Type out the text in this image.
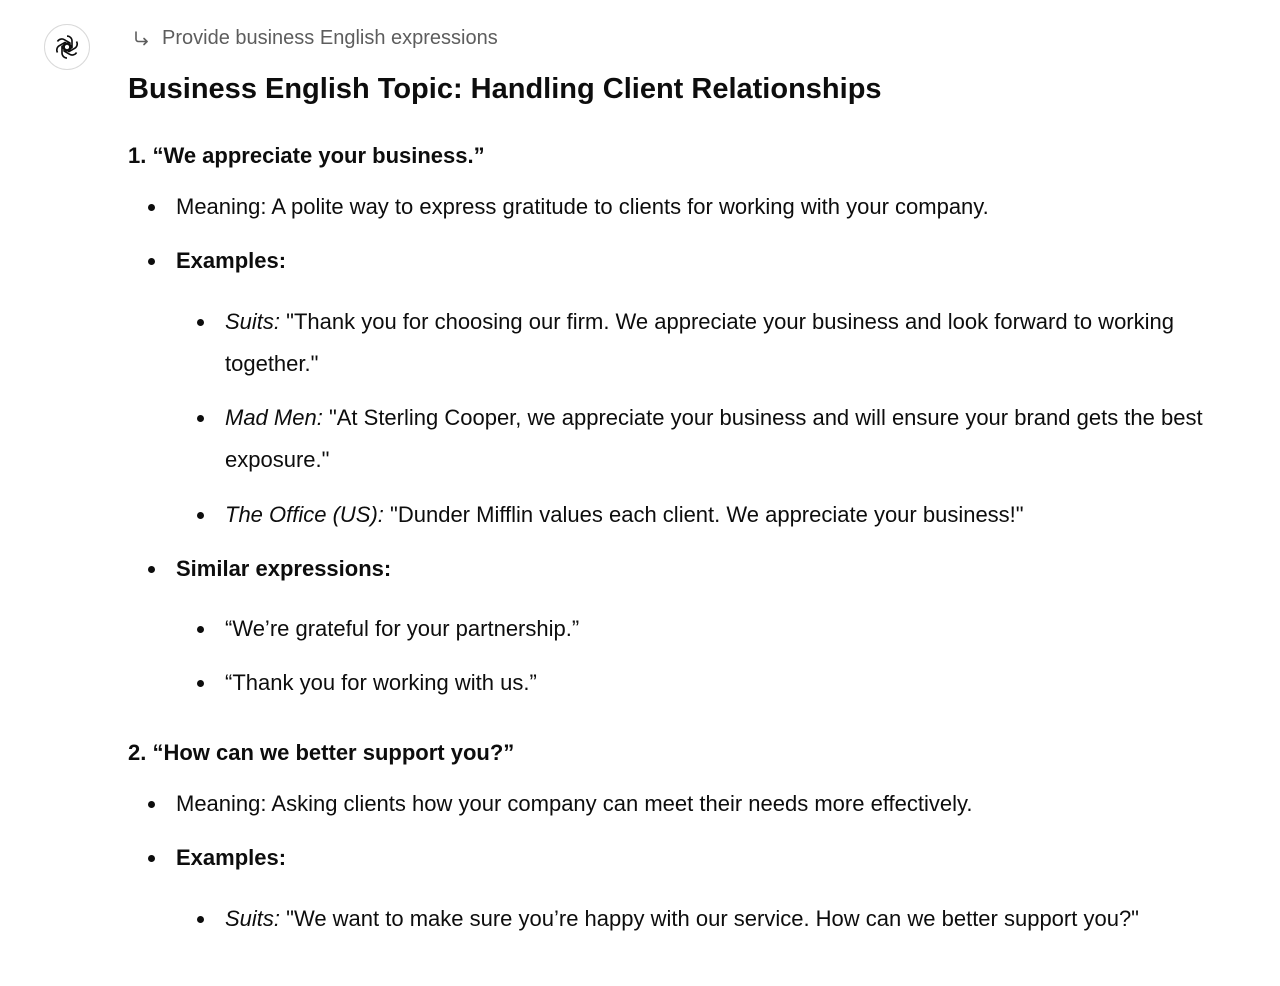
Provide business English expressions
Business English Topic: Handling Client Relationships

1. “We appreciate your business.”

Meaning: A polite way to express gratitude to clients for working with your company.
Examples:
Suits: "Thank you for choosing our firm. We appreciate your business and look forward to working together."
Mad Men: "At Sterling Cooper, we appreciate your business and will ensure your brand gets the best exposure."
The Office (US): "Dunder Mifflin values each client. We appreciate your business!"
Similar expressions:
“We’re grateful for your partnership.”
“Thank you for working with us.”

2. “How can we better support you?”

Meaning: Asking clients how your company can meet their needs more effectively.
Examples:
Suits: "We want to make sure you’re happy with our service. How can we better support you?"
